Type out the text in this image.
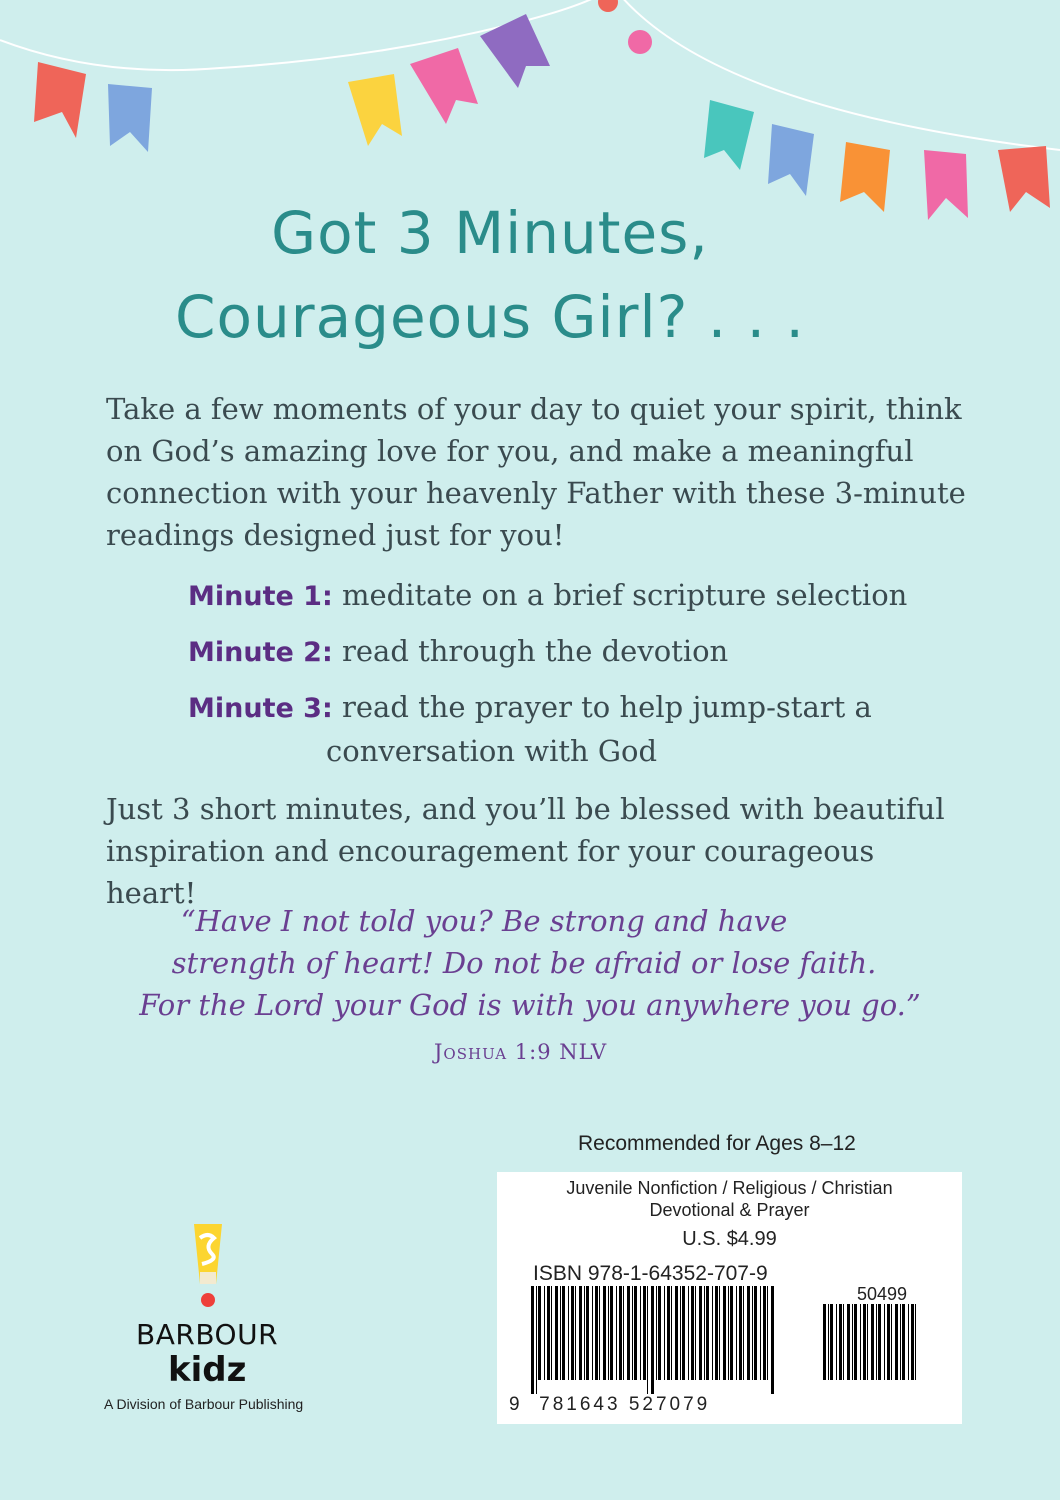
Got 3 Minutes,
Courageous Girl? . . .
Take a few moments of your day to quiet your spirit, think on God’s amazing love for you, and make a meaningful connection with your heavenly Father with these 3-minute readings designed just for you!
Minute 1: meditate on a brief scripture selection
Minute 2: read through the devotion
Minute 3: read the prayer to help jump-start a conversation with God
Just 3 short minutes, and you’ll be blessed with beautiful inspiration and encouragement for your courageous heart!
“Have I not told you? Be strong and have
strength of heart! Do not be afraid or lose faith.
For the Lord your God is with you anywhere you go.”
Joshua 1:9 NLV
Recommended for Ages 8–12
Juvenile Nonfiction / Religious / Christian
Devotional & Prayer
U.S. $4.99
ISBN 978-1-64352-707-9
50499
9 781643 527079
BARBOUR
kidz
A Division of Barbour Publishing
